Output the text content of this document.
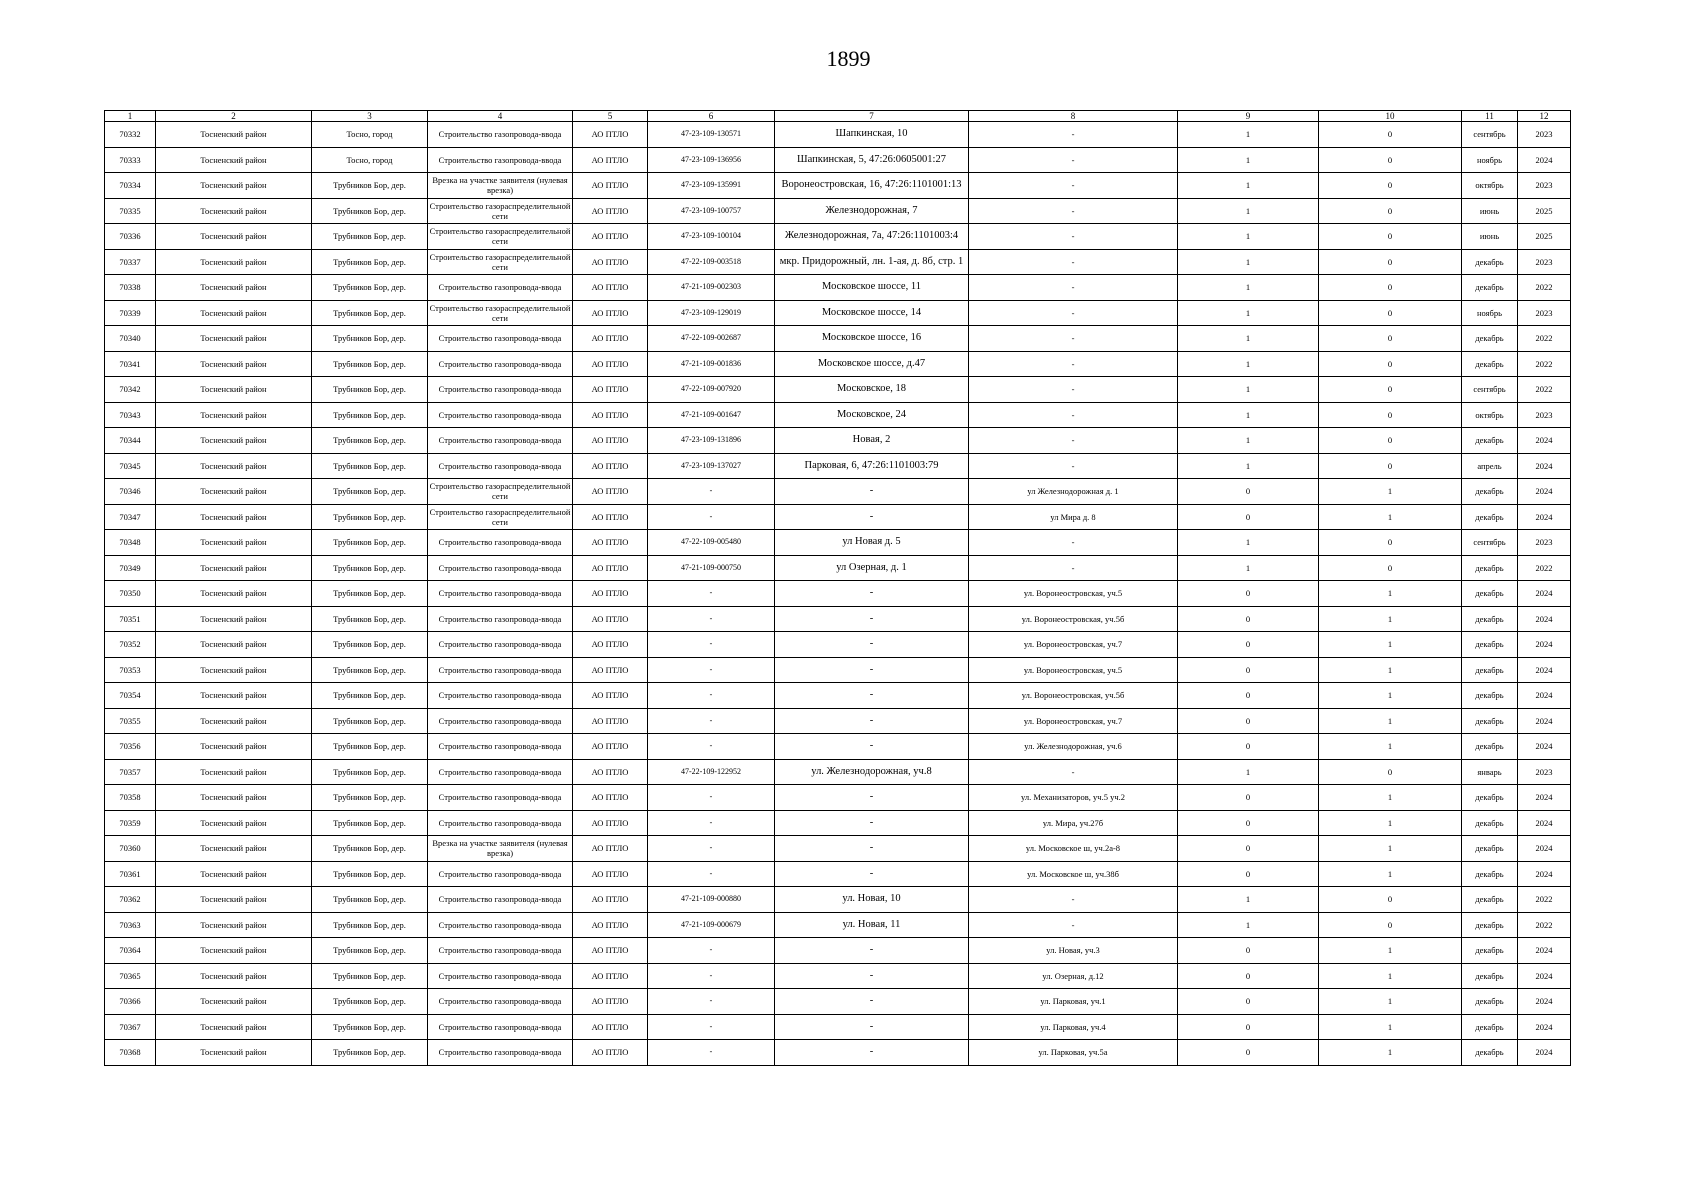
1899
1	2	3	4	5	6	7	8	9	10	11	12
70332	Тосненский район	Тосно, город	Строительство газопровода-ввода	АО ПТЛО	47-23-109-130571	Шапкинская, 10	-	1	0	сентябрь	2023
70333	Тосненский район	Тосно, город	Строительство газопровода-ввода	АО ПТЛО	47-23-109-136956	Шапкинская, 5, 47:26:0605001:27	-	1	0	ноябрь	2024
70334	Тосненский район	Трубников Бор, дер.	Врезка на участке заявителя (нулевая врезка)	АО ПТЛО	47-23-109-135991	Воронеостровская, 16, 47:26:1101001:13	-	1	0	октябрь	2023
70335	Тосненский район	Трубников Бор, дер.	Строительство газораспределительной сети	АО ПТЛО	47-23-109-100757	Железнодорожная, 7	-	1	0	июнь	2025
70336	Тосненский район	Трубников Бор, дер.	Строительство газораспределительной сети	АО ПТЛО	47-23-109-100104	Железнодорожная, 7а, 47:26:1101003:4	-	1	0	июнь	2025
70337	Тосненский район	Трубников Бор, дер.	Строительство газораспределительной сети	АО ПТЛО	47-22-109-003518	мкр. Придорожный, лн. 1-ая, д. 8б, стр. 1	-	1	0	декабрь	2023
70338	Тосненский район	Трубников Бор, дер.	Строительство газопровода-ввода	АО ПТЛО	47-21-109-002303	Московское шоссе, 11	-	1	0	декабрь	2022
70339	Тосненский район	Трубников Бор, дер.	Строительство газораспределительной сети	АО ПТЛО	47-23-109-129019	Московское шоссе, 14	-	1	0	ноябрь	2023
70340	Тосненский район	Трубников Бор, дер.	Строительство газопровода-ввода	АО ПТЛО	47-22-109-002687	Московское шоссе, 16	-	1	0	декабрь	2022
70341	Тосненский район	Трубников Бор, дер.	Строительство газопровода-ввода	АО ПТЛО	47-21-109-001836	Московское шоссе, д.47	-	1	0	декабрь	2022
70342	Тосненский район	Трубников Бор, дер.	Строительство газопровода-ввода	АО ПТЛО	47-22-109-007920	Московское, 18	-	1	0	сентябрь	2022
70343	Тосненский район	Трубников Бор, дер.	Строительство газопровода-ввода	АО ПТЛО	47-21-109-001647	Московское, 24	-	1	0	октябрь	2023
70344	Тосненский район	Трубников Бор, дер.	Строительство газопровода-ввода	АО ПТЛО	47-23-109-131896	Новая, 2	-	1	0	декабрь	2024
70345	Тосненский район	Трубников Бор, дер.	Строительство газопровода-ввода	АО ПТЛО	47-23-109-137027	Парковая, 6, 47:26:1101003:79	-	1	0	апрель	2024
70346	Тосненский район	Трубников Бор, дер.	Строительство газораспределительной сети	АО ПТЛО	-	-	ул Железнодорожная д. 1	0	1	декабрь	2024
70347	Тосненский район	Трубников Бор, дер.	Строительство газораспределительной сети	АО ПТЛО	-	-	ул Мира д. 8	0	1	декабрь	2024
70348	Тосненский район	Трубников Бор, дер.	Строительство газопровода-ввода	АО ПТЛО	47-22-109-005480	ул Новая д. 5	-	1	0	сентябрь	2023
70349	Тосненский район	Трубников Бор, дер.	Строительство газопровода-ввода	АО ПТЛО	47-21-109-000750	ул Озерная, д. 1	-	1	0	декабрь	2022
70350	Тосненский район	Трубников Бор, дер.	Строительство газопровода-ввода	АО ПТЛО	-	-	ул. Воронеостровская, уч.5	0	1	декабрь	2024
70351	Тосненский район	Трубников Бор, дер.	Строительство газопровода-ввода	АО ПТЛО	-	-	ул. Воронеостровская, уч.5б	0	1	декабрь	2024
70352	Тосненский район	Трубников Бор, дер.	Строительство газопровода-ввода	АО ПТЛО	-	-	ул. Воронеостровская, уч.7	0	1	декабрь	2024
70353	Тосненский район	Трубников Бор, дер.	Строительство газопровода-ввода	АО ПТЛО	-	-	ул. Воронеостровская, уч.5	0	1	декабрь	2024
70354	Тосненский район	Трубников Бор, дер.	Строительство газопровода-ввода	АО ПТЛО	-	-	ул. Воронеостровская, уч.5б	0	1	декабрь	2024
70355	Тосненский район	Трубников Бор, дер.	Строительство газопровода-ввода	АО ПТЛО	-	-	ул. Воронеостровская, уч.7	0	1	декабрь	2024
70356	Тосненский район	Трубников Бор, дер.	Строительство газопровода-ввода	АО ПТЛО	-	-	ул. Железнодорожная, уч.6	0	1	декабрь	2024
70357	Тосненский район	Трубников Бор, дер.	Строительство газопровода-ввода	АО ПТЛО	47-22-109-122952	ул. Железнодорожная, уч.8	-	1	0	январь	2023
70358	Тосненский район	Трубников Бор, дер.	Строительство газопровода-ввода	АО ПТЛО	-	-	ул. Механизаторов, уч.5 уч.2	0	1	декабрь	2024
70359	Тосненский район	Трубников Бор, дер.	Строительство газопровода-ввода	АО ПТЛО	-	-	ул. Мира, уч.27б	0	1	декабрь	2024
70360	Тосненский район	Трубников Бор, дер.	Врезка на участке заявителя (нулевая врезка)	АО ПТЛО	-	-	ул. Московское ш, уч.2а-8	0	1	декабрь	2024
70361	Тосненский район	Трубников Бор, дер.	Строительство газопровода-ввода	АО ПТЛО	-	-	ул. Московское ш, уч.38б	0	1	декабрь	2024
70362	Тосненский район	Трубников Бор, дер.	Строительство газопровода-ввода	АО ПТЛО	47-21-109-000880	ул. Новая, 10	-	1	0	декабрь	2022
70363	Тосненский район	Трубников Бор, дер.	Строительство газопровода-ввода	АО ПТЛО	47-21-109-000679	ул. Новая, 11	-	1	0	декабрь	2022
70364	Тосненский район	Трубников Бор, дер.	Строительство газопровода-ввода	АО ПТЛО	-	-	ул. Новая, уч.3	0	1	декабрь	2024
70365	Тосненский район	Трубников Бор, дер.	Строительство газопровода-ввода	АО ПТЛО	-	-	ул. Озерная, д.12	0	1	декабрь	2024
70366	Тосненский район	Трубников Бор, дер.	Строительство газопровода-ввода	АО ПТЛО	-	-	ул. Парковая, уч.1	0	1	декабрь	2024
70367	Тосненский район	Трубников Бор, дер.	Строительство газопровода-ввода	АО ПТЛО	-	-	ул. Парковая, уч.4	0	1	декабрь	2024
70368	Тосненский район	Трубников Бор, дер.	Строительство газопровода-ввода	АО ПТЛО	-	-	ул. Парковая, уч.5а	0	1	декабрь	2024
